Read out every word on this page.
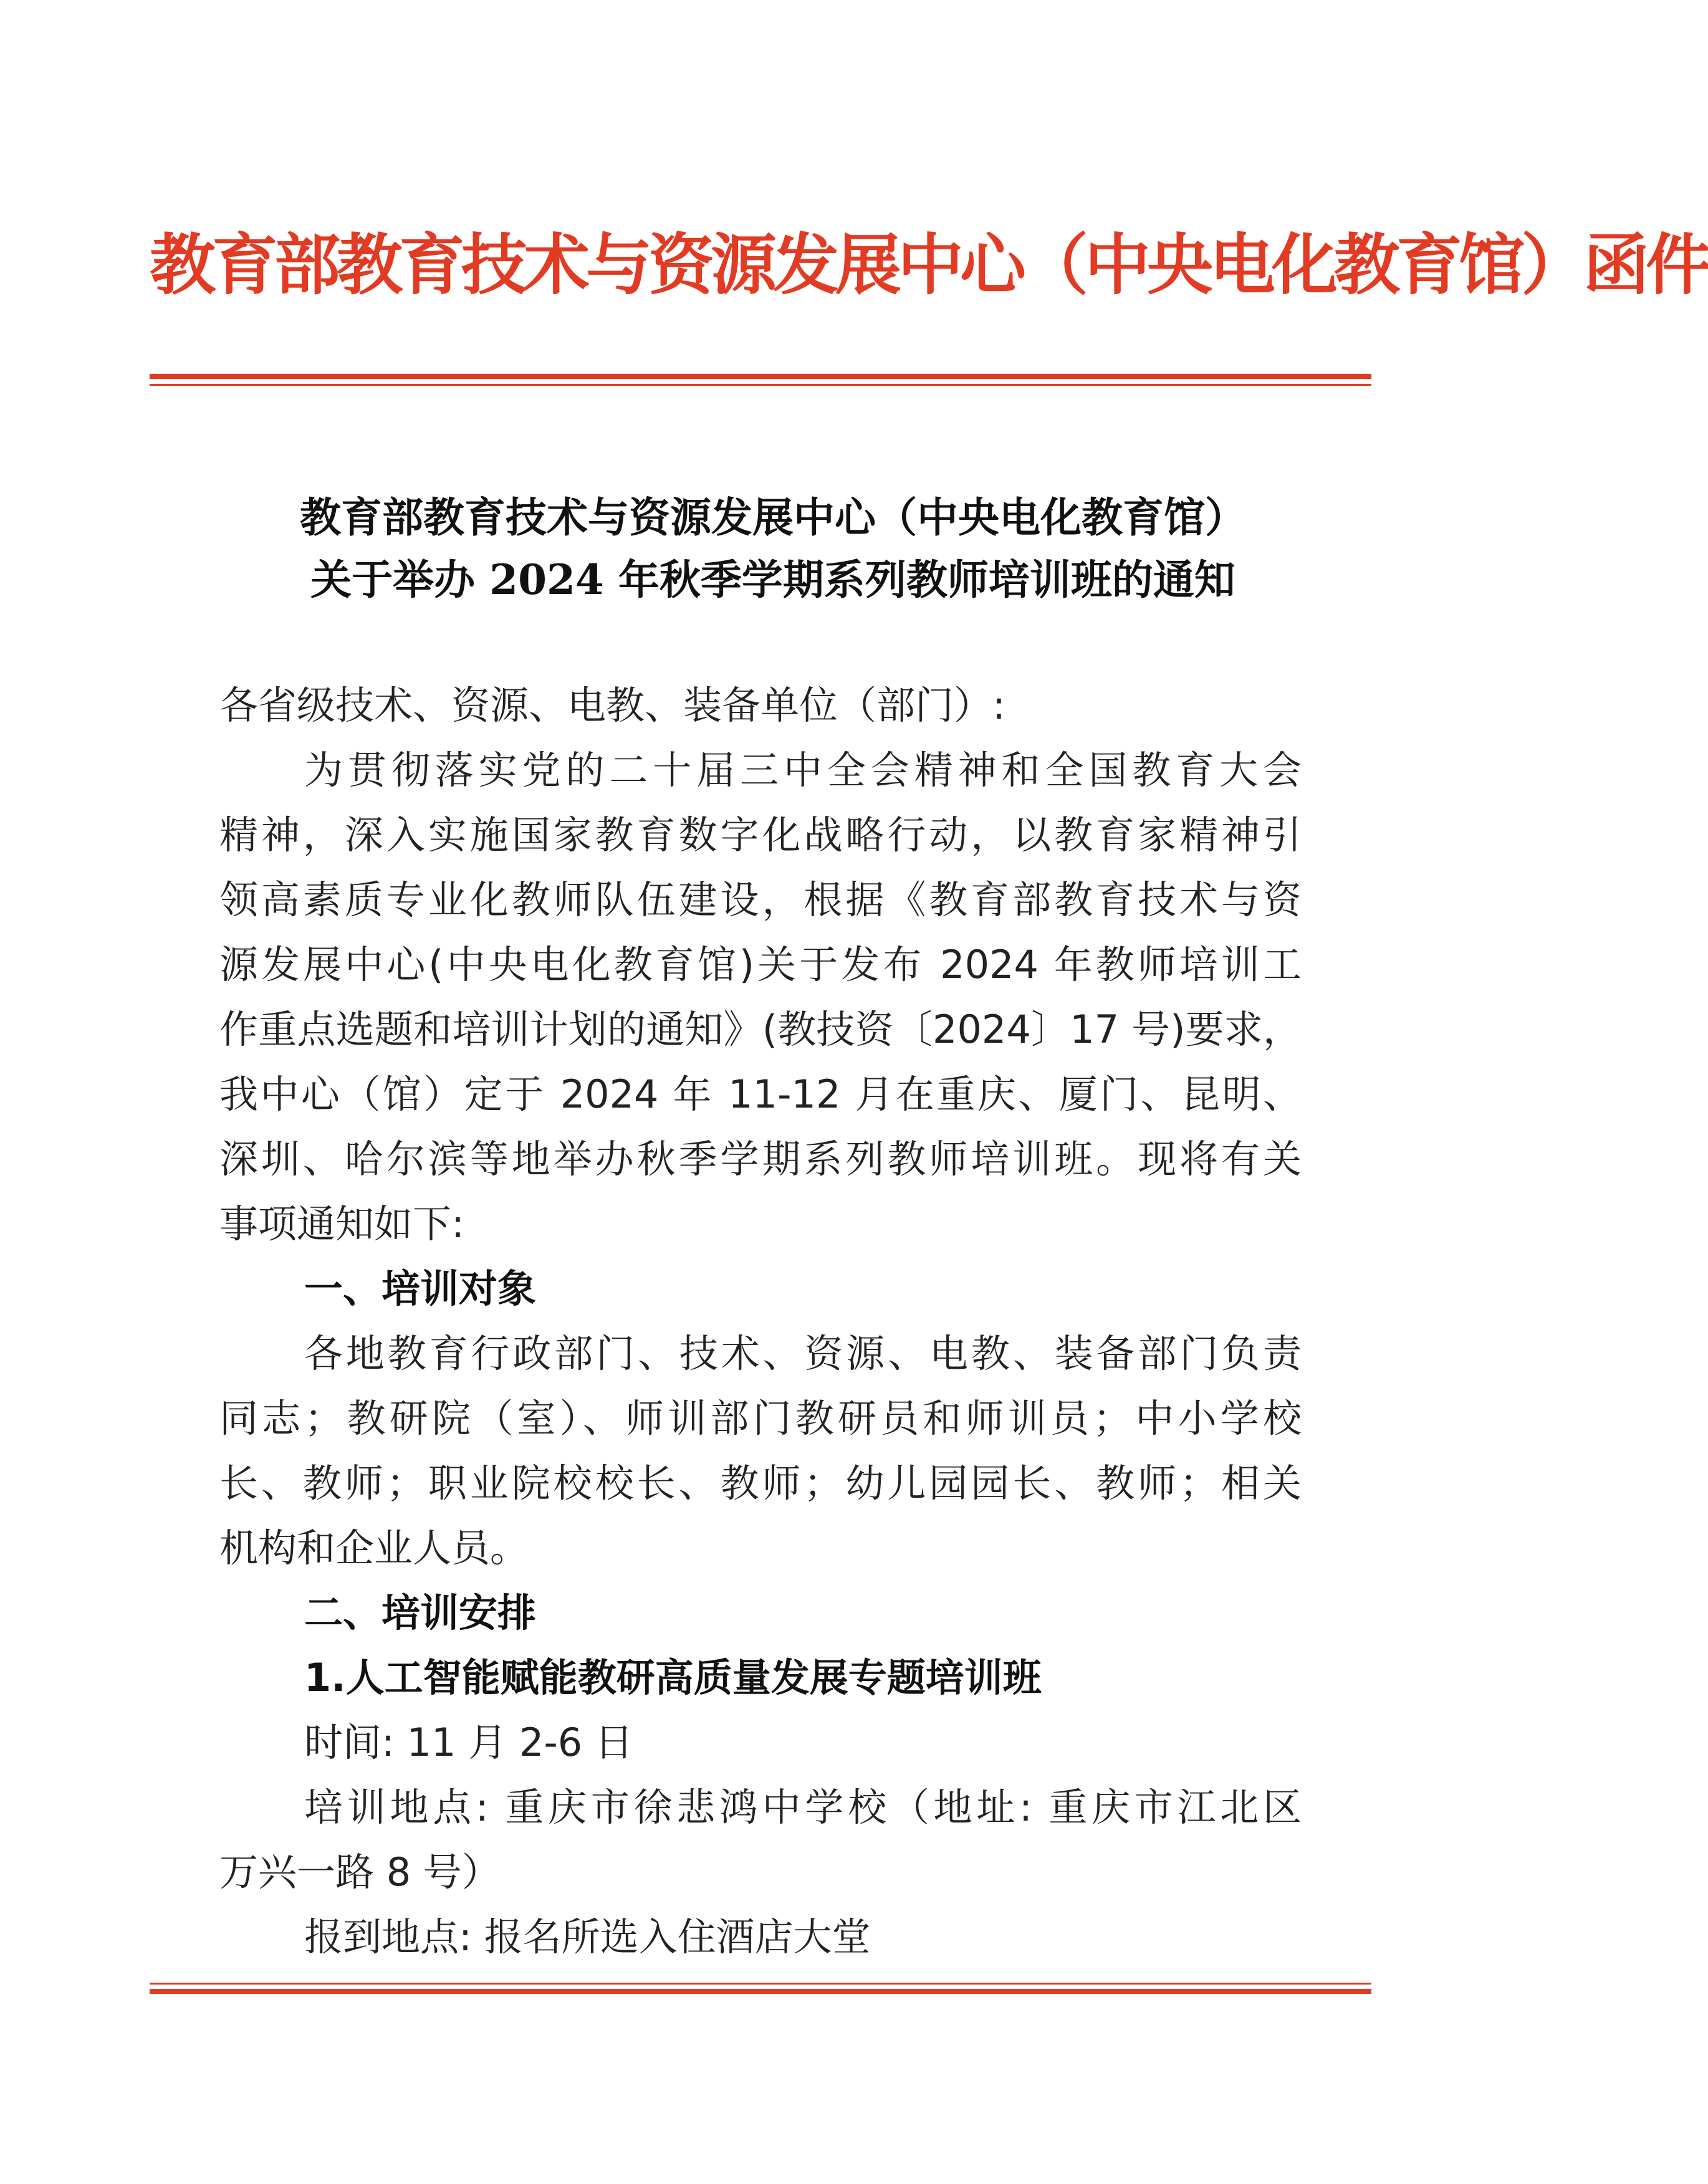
教育部教育技术与资源发展中心（中央电化教育馆）函件
教育部教育技术与资源发展中心（中央电化教育馆）
关于举办 2024 年秋季学期系列教师培训班的通知
各省级技术、资源、电教、装备单位（部门）:
为贯彻落实党的二十届三中全会精神和全国教育大会
精神，深入实施国家教育数字化战略行动，以教育家精神引
领高素质专业化教师队伍建设，根据《教育部教育技术与资
源发展中心(中央电化教育馆)关于发布 2024 年教师培训工
作重点选题和培训计划的通知》(教技资〔2024〕17 号)要求，
我中心（馆）定于 2024 年 11-12 月在重庆、厦门、昆明、
深圳、哈尔滨等地举办秋季学期系列教师培训班。现将有关
事项通知如下:
一、培训对象
各地教育行政部门、技术、资源、电教、装备部门负责
同志；教研院（室）、师训部门教研员和师训员；中小学校
长、教师；职业院校校长、教师；幼儿园园长、教师；相关
机构和企业人员。
二、培训安排
1.人工智能赋能教研高质量发展专题培训班
时间: 11 月 2-6 日
培训地点: 重庆市徐悲鸿中学校（地址: 重庆市江北区
万兴一路 8 号）
报到地点: 报名所选入住酒店大堂
